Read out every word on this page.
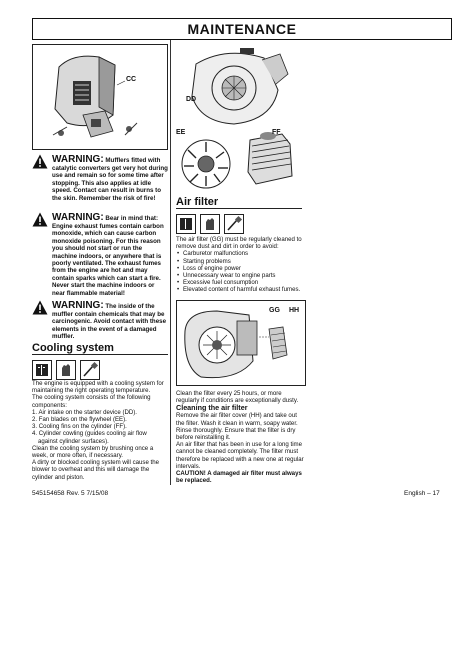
MAINTENANCE
CC
WARNING: Mufflers fitted with
catalytic converters get very hot during use and remain so for some time after stopping. This also applies at idle speed. Contact can result in burns to the skin. Remember the risk of fire!
WARNING: Bear in mind that:
Engine exhaust fumes contain carbon monoxide, which can cause carbon monoxide poisoning. For this reason you should not start or run the machine indoors, or anywhere that is poorly ventilated. The exhaust fumes from the engine are hot and may contain sparks which can start a fire. Never start the machine indoors or near flammable material!
WARNING: The inside of the
muffler contain chemicals that may be carcinogenic. Avoid contact with these elements in the event of a damaged muffler.
Cooling system

The engine is equipped with a cooling system for maintaining the right operating temperature.

The cooling system consists of the following components:

1. Air intake on the starter device (DD).

2. Fan blades on the flywheel (EE).

3. Cooling fins on the cylinder (FF).

4. Cylinder cowling (guides cooling air flow against cylinder surfaces).

Clean the cooling system by brushing once a week, or more often, if necessary.

A dirty or blocked cooling system will cause the blower to overheat and this will damage the cylinder and piston.

DD
EE	FF
Air filter

The air filter (GG) must be regularly cleaned to remove dust and dirt in order to avoid:

• Carburetor malfunctions
• Starting problems
• Loss of engine power
• Unnecessary wear to engine parts
• Excessive fuel consumption
• Elevated content of harmful exhaust fumes.
GG HH

Clean the filter every 25 hours, or more regularly if conditions are exceptionally dusty.

Cleaning the air filter

Remove the air filter cover (HH) and take out the filter. Wash it clean in warm, soapy water. Rinse thoroughly. Ensure that the filter is dry before reinstalling it.

An air filter that has been in use for a long time cannot be cleaned completely. The filter must therefore be replaced with a new one at regular intervals.

CAUTION! A damaged air filter must always be replaced.

545154658 Rev. 5 7/15/08	English – 17
